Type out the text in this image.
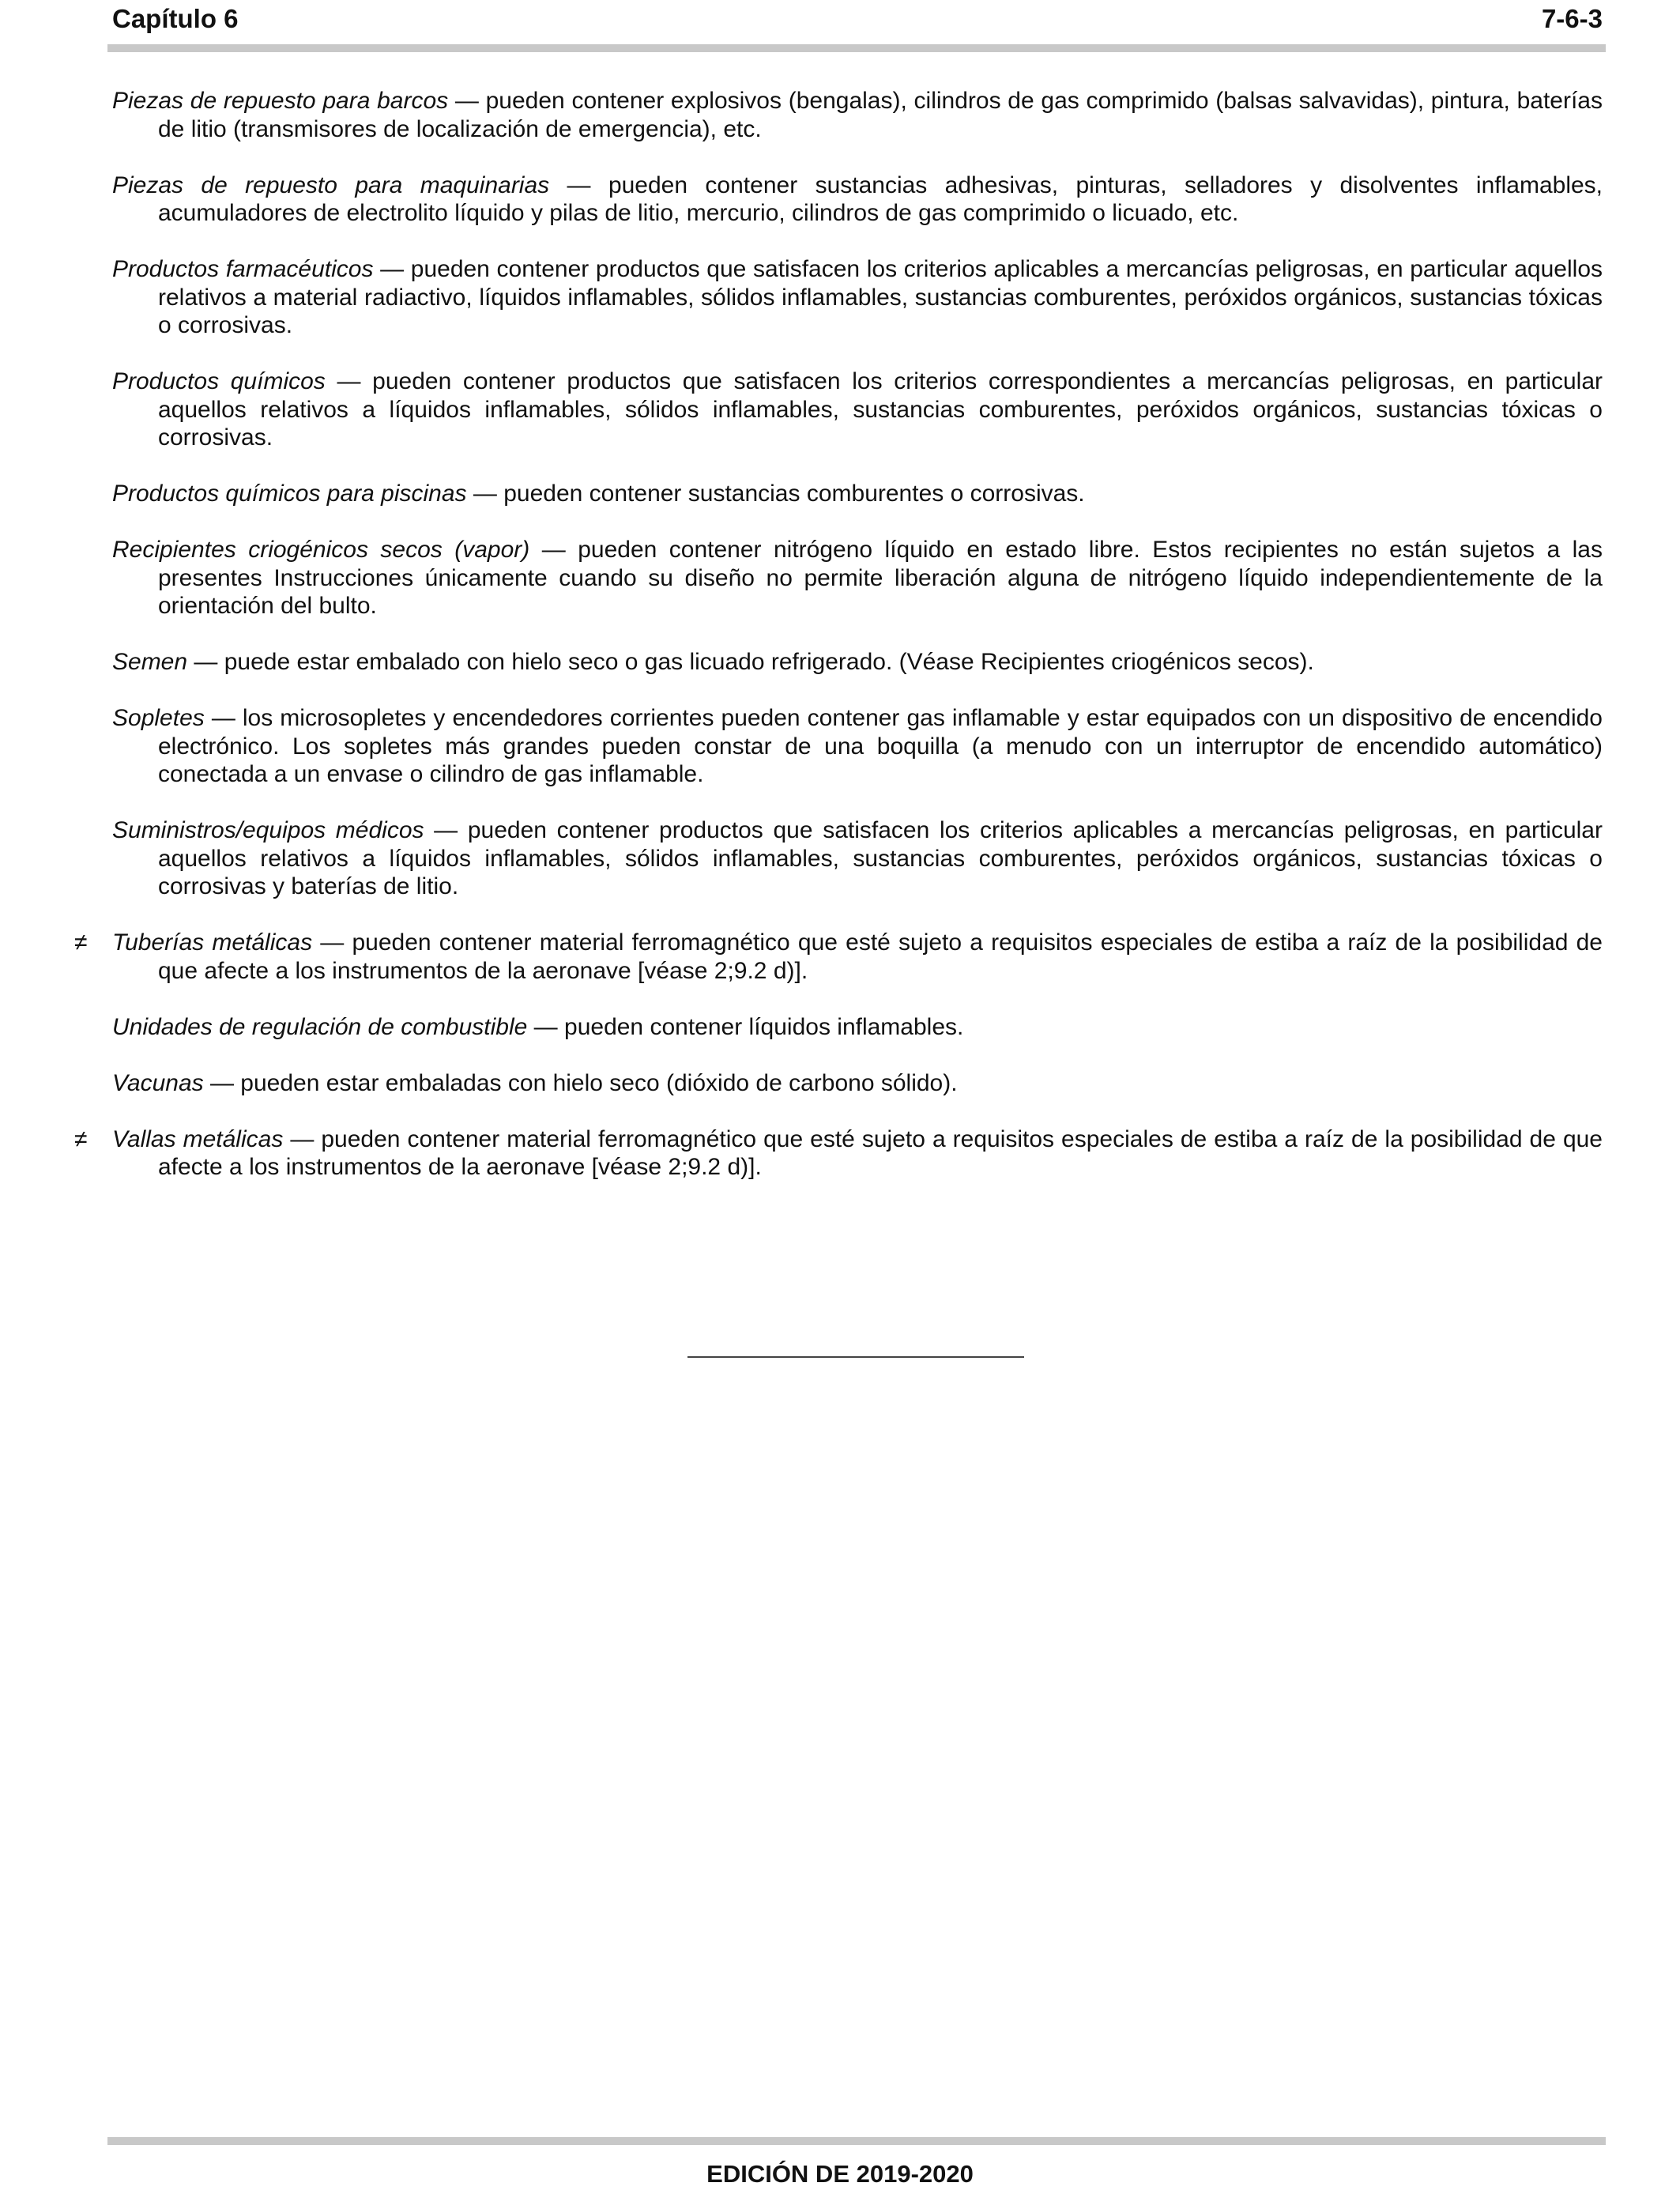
Capítulo 6	7-6-3

Piezas de repuesto para barcos — pueden contener explosivos (bengalas), cilindros de gas comprimido (balsas salvavidas), pintura, baterías de litio (transmisores de localización de emergencia), etc.

Piezas de repuesto para maquinarias — pueden contener sustancias adhesivas, pinturas, selladores y disolventes inflamables, acumuladores de electrolito líquido y pilas de litio, mercurio, cilindros de gas comprimido o licuado, etc.

Productos farmacéuticos — pueden contener productos que satisfacen los criterios aplicables a mercancías peligrosas, en particular aquellos relativos a material radiactivo, líquidos inflamables, sólidos inflamables, sustancias comburentes, peróxidos orgánicos, sustancias tóxicas o corrosivas.

Productos químicos — pueden contener productos que satisfacen los criterios correspondientes a mercancías peligrosas, en particular aquellos relativos a líquidos inflamables, sólidos inflamables, sustancias comburentes, peróxidos orgánicos, sustancias tóxicas o corrosivas.

Productos químicos para piscinas — pueden contener sustancias comburentes o corrosivas.

Recipientes criogénicos secos (vapor) — pueden contener nitrógeno líquido en estado libre. Estos recipientes no están sujetos a las presentes Instrucciones únicamente cuando su diseño no permite liberación alguna de nitrógeno líquido independientemente de la orientación del bulto.

Semen — puede estar embalado con hielo seco o gas licuado refrigerado. (Véase Recipientes criogénicos secos).

Sopletes — los microsopletes y encendedores corrientes pueden contener gas inflamable y estar equipados con un dispositivo de encendido electrónico. Los sopletes más grandes pueden constar de una boquilla (a menudo con un interruptor de encendido automático) conectada a un envase o cilindro de gas inflamable.

Suministros/equipos médicos — pueden contener productos que satisfacen los criterios aplicables a mercancías peligrosas, en particular aquellos relativos a líquidos inflamables, sólidos inflamables, sustancias comburentes, peróxidos orgánicos, sustancias tóxicas o corrosivas y baterías de litio.

≠ Tuberías metálicas — pueden contener material ferromagnético que esté sujeto a requisitos especiales de estiba a raíz de la posibilidad de que afecte a los instrumentos de la aeronave [véase 2;9.2 d)].

Unidades de regulación de combustible — pueden contener líquidos inflamables.

Vacunas — pueden estar embaladas con hielo seco (dióxido de carbono sólido).

≠ Vallas metálicas — pueden contener material ferromagnético que esté sujeto a requisitos especiales de estiba a raíz de la posibilidad de que afecte a los instrumentos de la aeronave [véase 2;9.2 d)].

EDICIÓN DE 2019-2020
